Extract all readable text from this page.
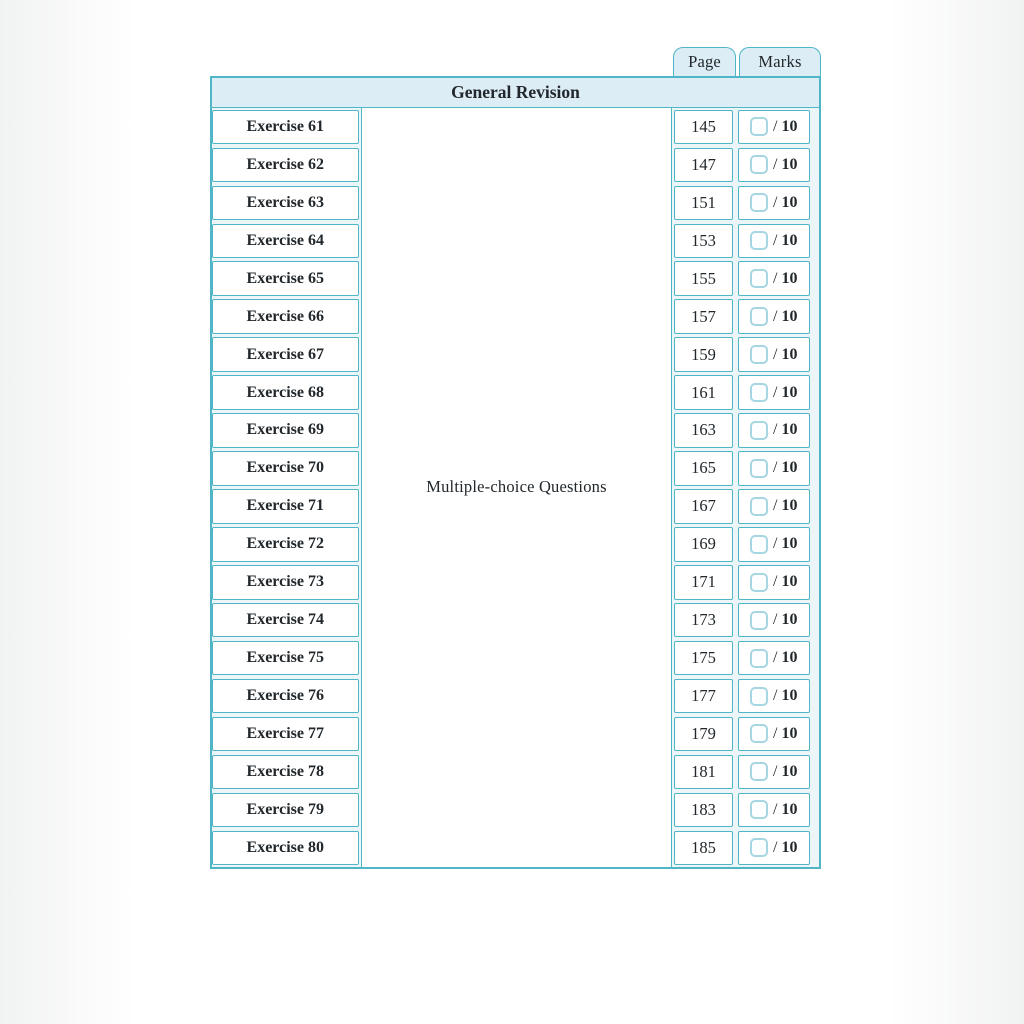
Page Marks
General Revision
Exercise 61
Exercise 62
Exercise 63
Exercise 64
Exercise 65
Exercise 66
Exercise 67
Exercise 68
Exercise 69
Exercise 70
Exercise 71
Exercise 72
Exercise 73
Exercise 74
Exercise 75
Exercise 76
Exercise 77
Exercise 78
Exercise 79
Exercise 80
Multiple-choice Questions
145
147
151
153
155
157
159
161
163
165
167
169
171
173
175
177
179
181
183
185
/ 10
/ 10
/ 10
/ 10
/ 10
/ 10
/ 10
/ 10
/ 10
/ 10
/ 10
/ 10
/ 10
/ 10
/ 10
/ 10
/ 10
/ 10
/ 10
/ 10
